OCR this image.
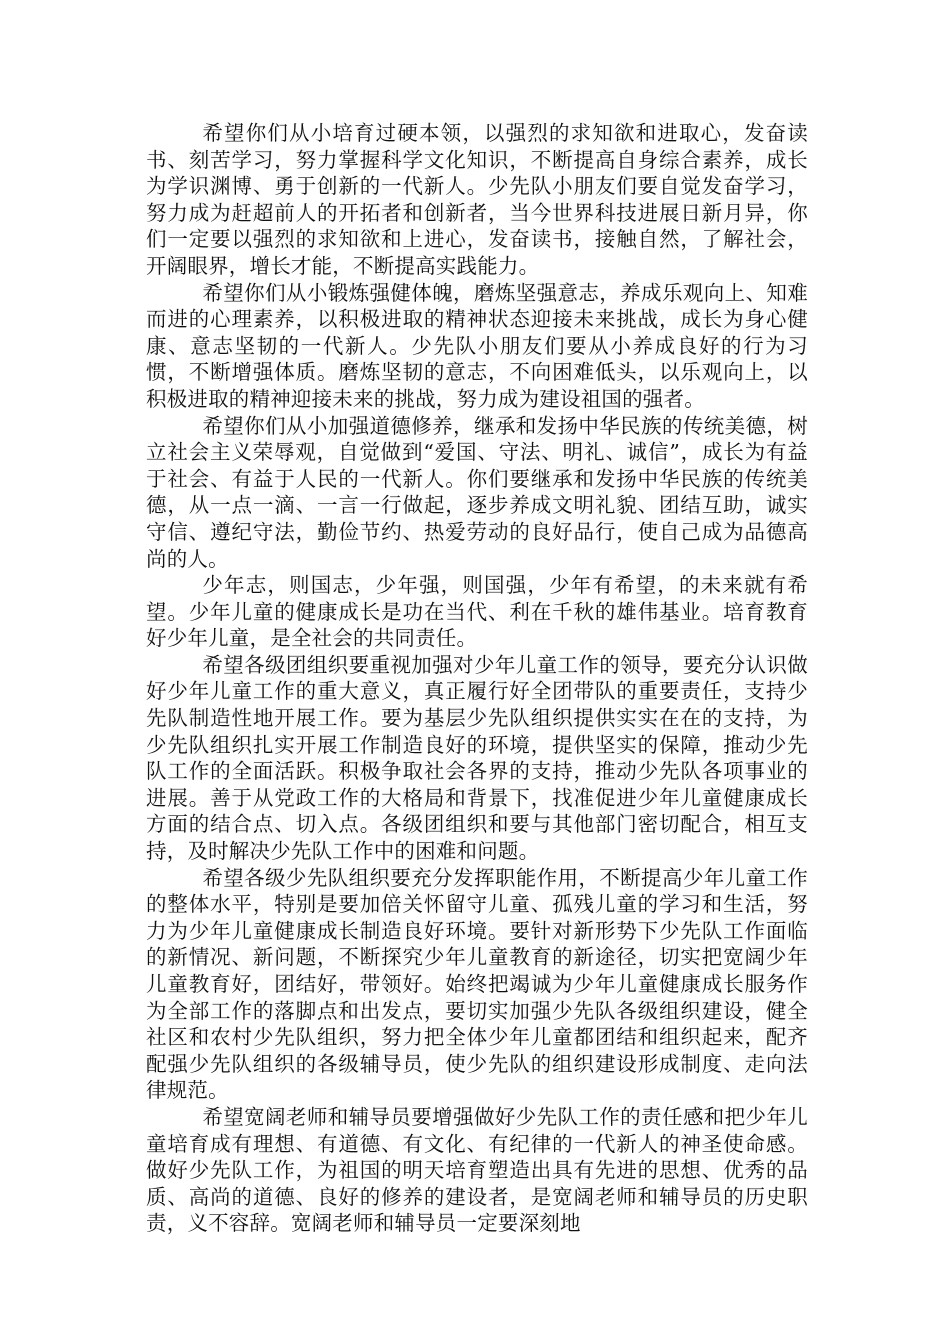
希望你们从小培育过硬本领，以强烈的求知欲和进取心，发奋读书、刻苦学习，努力掌握科学文化知识，不断提高自身综合素养，成长为学识渊博、勇于创新的一代新人。少先队小朋友们要自觉发奋学习，努力成为赶超前人的开拓者和创新者，当今世界科技进展日新月异，你们一定要以强烈的求知欲和上进心，发奋读书，接触自然，了解社会，开阔眼界，增长才能，不断提高实践能力。

希望你们从小锻炼强健体魄，磨炼坚强意志，养成乐观向上、知难而进的心理素养，以积极进取的精神状态迎接未来挑战，成长为身心健康、意志坚韧的一代新人。少先队小朋友们要从小养成良好的行为习惯，不断增强体质。磨炼坚韧的意志，不向困难低头，以乐观向上，以积极进取的精神迎接未来的挑战，努力成为建设祖国的强者。

希望你们从小加强道德修养，继承和发扬中华民族的传统美德，树立社会主义荣辱观，自觉做到“爱国、守法、明礼、诚信”，成长为有益于社会、有益于人民的一代新人。你们要继承和发扬中华民族的传统美德，从一点一滴、一言一行做起，逐步养成文明礼貌、团结互助，诚实守信、遵纪守法，勤俭节约、热爱劳动的良好品行，使自己成为品德高尚的人。

少年志，则国志，少年强，则国强，少年有希望，的未来就有希望。少年儿童的健康成长是功在当代、利在千秋的雄伟基业。培育教育好少年儿童，是全社会的共同责任。

希望各级团组织要重视加强对少年儿童工作的领导，要充分认识做好少年儿童工作的重大意义，真正履行好全团带队的重要责任，支持少先队制造性地开展工作。要为基层少先队组织提供实实在在的支持，为少先队组织扎实开展工作制造良好的环境，提供坚实的保障，推动少先队工作的全面活跃。积极争取社会各界的支持，推动少先队各项事业的进展。善于从党政工作的大格局和背景下，找准促进少年儿童健康成长方面的结合点、切入点。各级团组织和要与其他部门密切配合，相互支持，及时解决少先队工作中的困难和问题。

希望各级少先队组织要充分发挥职能作用，不断提高少年儿童工作的整体水平，特别是要加倍关怀留守儿童、孤残儿童的学习和生活，努力为少年儿童健康成长制造良好环境。要针对新形势下少先队工作面临的新情况、新问题，不断探究少年儿童教育的新途径，切实把宽阔少年儿童教育好，团结好，带领好。始终把竭诚为少年儿童健康成长服务作为全部工作的落脚点和出发点，要切实加强少先队各级组织建设，健全社区和农村少先队组织，努力把全体少年儿童都团结和组织起来，配齐配强少先队组织的各级辅导员，使少先队的组织建设形成制度、走向法律规范。

希望宽阔老师和辅导员要增强做好少先队工作的责任感和把少年儿童培育成有理想、有道德、有文化、有纪律的一代新人的神圣使命感。做好少先队工作，为祖国的明天培育塑造出具有先进的思想、优秀的品质、高尚的道德、良好的修养的建设者，是宽阔老师和辅导员的历史职责，义不容辞。宽阔老师和辅导员一定要深刻地
